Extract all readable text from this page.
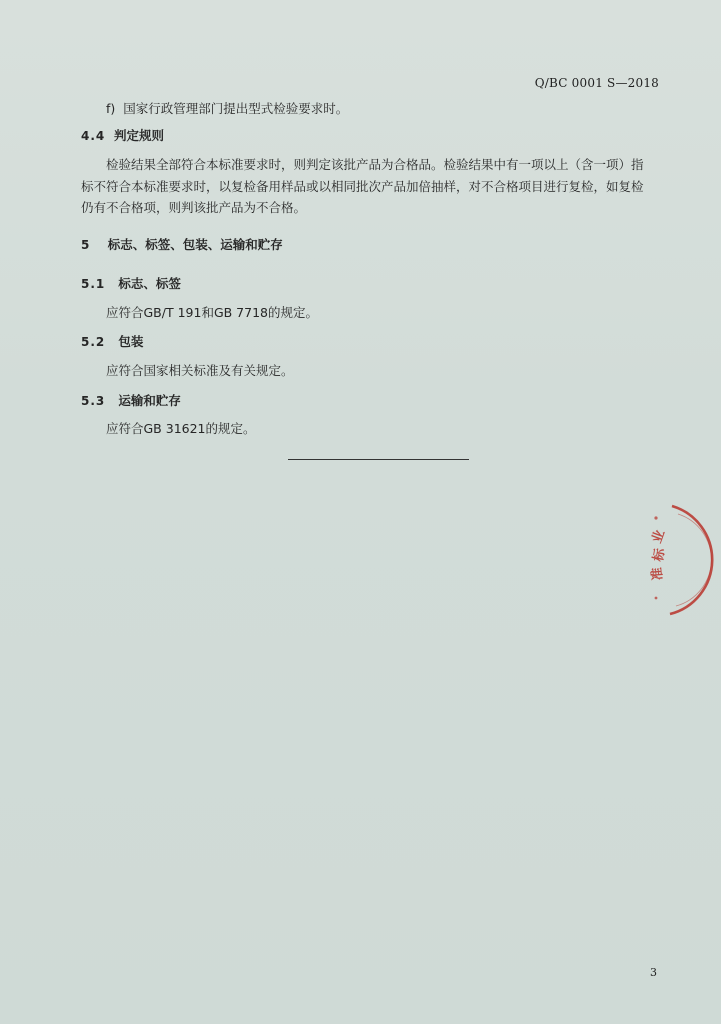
Q/BC 0001 S—2018
f) 国家行政管理部门提出型式检验要求时。
4.4 判定规则
检验结果全部符合本标准要求时，则判定该批产品为合格品。检验结果中有一项以上（含一项）指
标不符合本标准要求时，以复检备用样品或以相同批次产品加倍抽样，对不合格项目进行复检，如复检
仍有不合格项，则判该批产品为不合格。
5 标志、标签、包装、运输和贮存
5.1 标志、标签
应符合GB/T 191和GB 7718的规定。
5.2 包装
应符合国家相关标准及有关规定。
5.3 运输和贮存
应符合GB 31621的规定。
业
标
准
3
